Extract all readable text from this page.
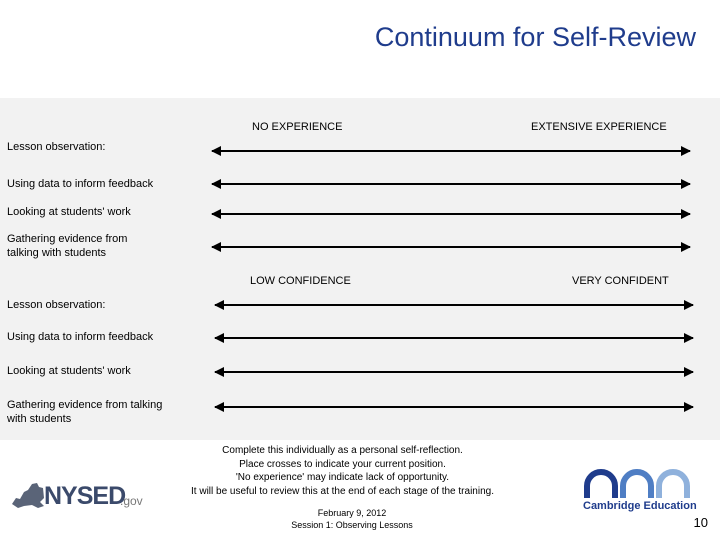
Continuum for Self-Review
NO EXPERIENCE	EXTENSIVE EXPERIENCE
Lesson observation:
Using data to inform feedback
Looking at students' work
Gathering evidence from
talking with students
LOW CONFIDENCE	VERY CONFIDENT
Lesson observation:
Using data to inform feedback
Looking at students' work
Gathering evidence from talking
with students
Complete this individually as a personal self-reflection.
Place crosses to indicate your current position.
'No experience' may indicate lack of opportunity.
It will be useful to review this at the end of each stage of the training.
February 9, 2012
Session 1: Observing Lessons
NYSED
.gov	Cambridge Education
10
